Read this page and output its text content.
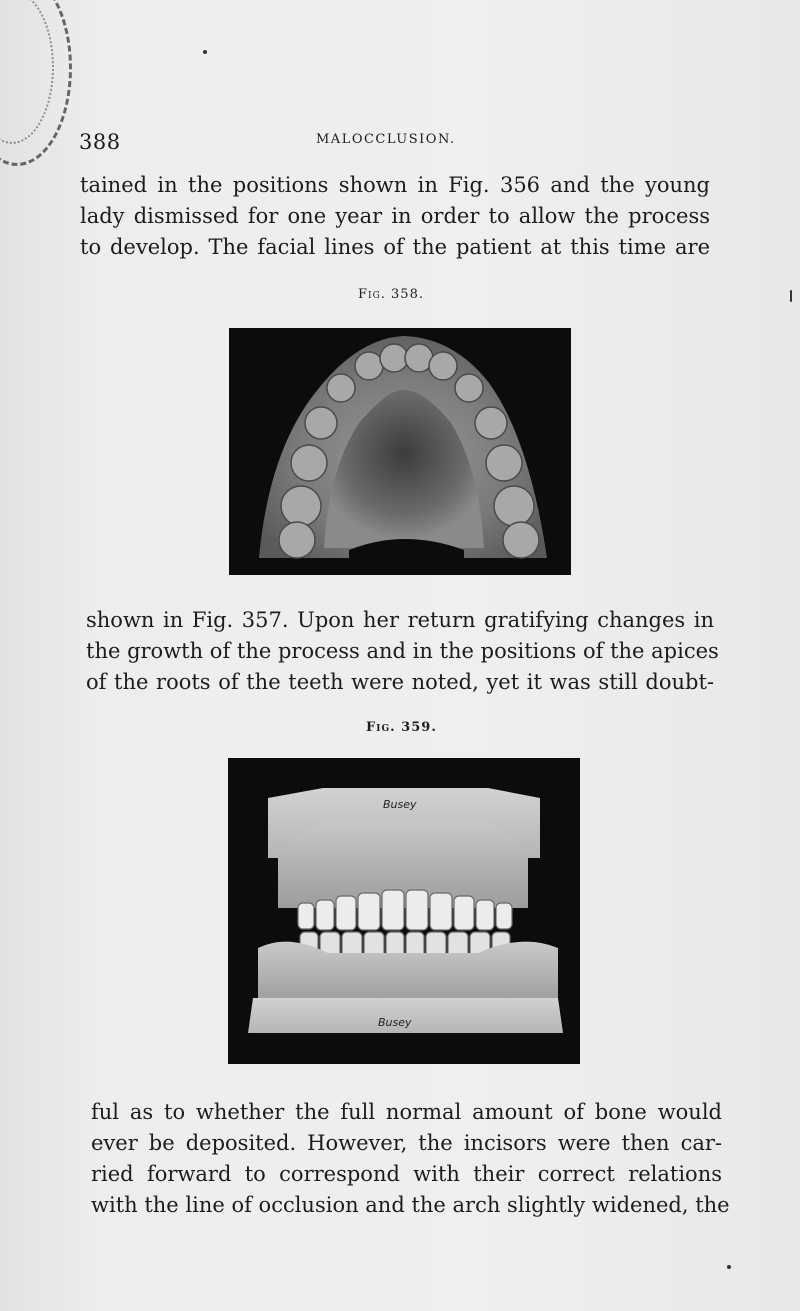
388	MALOCCLUSION.

tained in the positions shown in Fig. 356 and the young
lady dismissed for one year in order to allow the process
to develop. The facial lines of the patient at this time are

Fig. 358.

shown in Fig. 357. Upon her return gratifying changes in
the growth of the process and in the positions of the apices
of the roots of the teeth were noted, yet it was still doubt-

Fig. 359.
Busey
Busey

ful as to whether the full normal amount of bone would
ever be deposited. However, the incisors were then car-
ried forward to correspond with their correct relations
with the line of occlusion and the arch slightly widened, the
